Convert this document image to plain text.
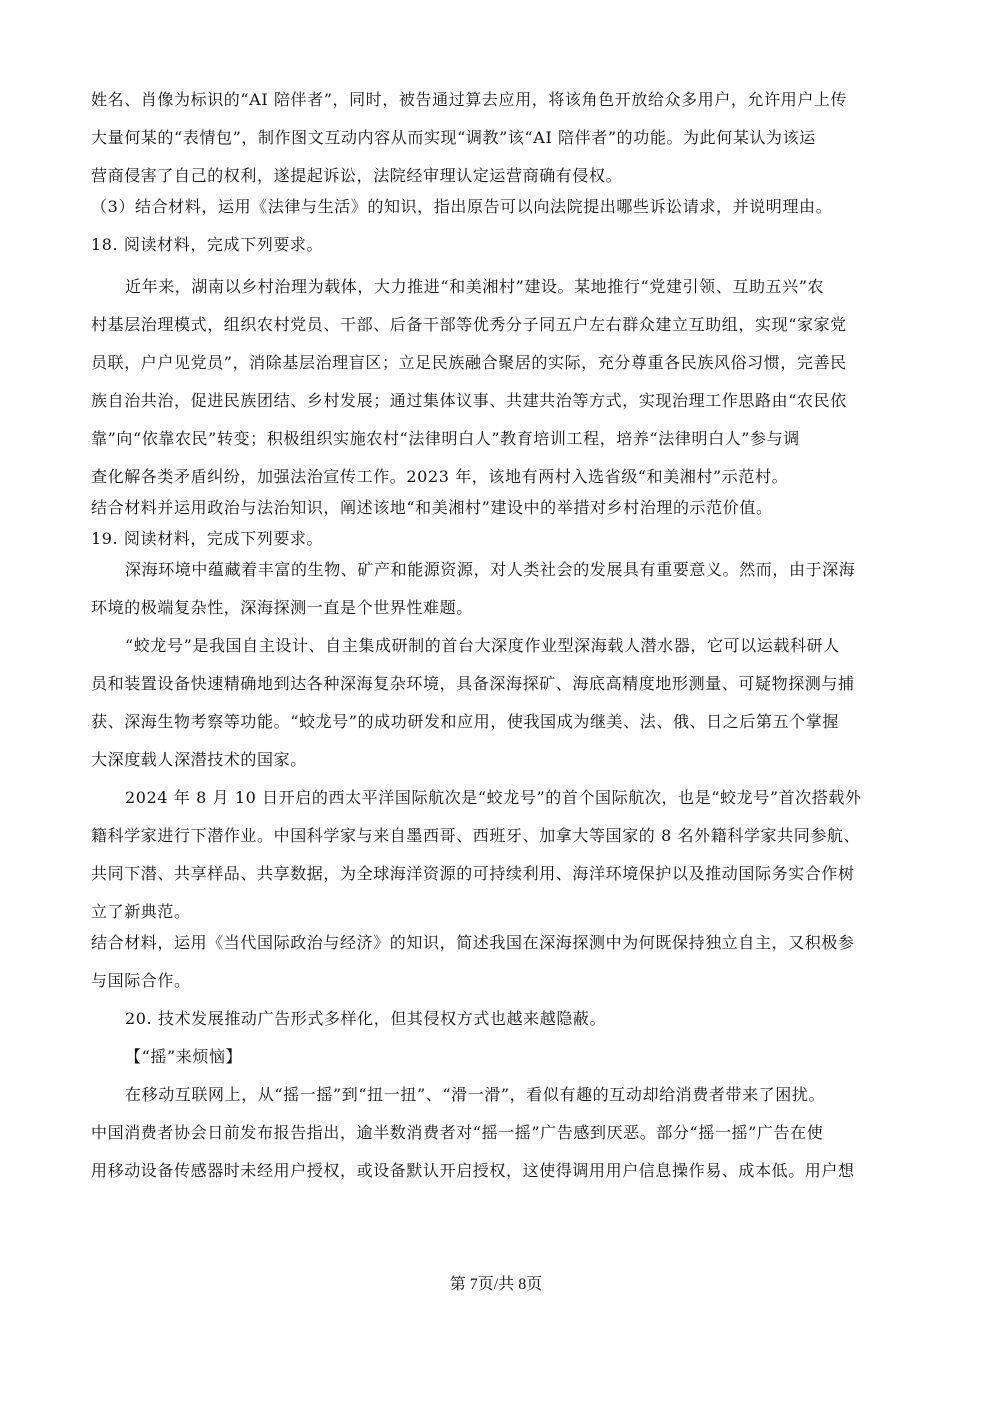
姓名、肖像为标识的“AI 陪伴者”，同时，被告通过算去应用，将该角色开放给众多用户，允许用户上传
大量何某的“表情包”，制作图文互动内容从而实现“调教”该“AI 陪伴者”的功能。为此何某认为该运
营商侵害了自己的权利，遂提起诉讼，法院经审理认定运营商确有侵权。
（3）结合材料，运用《法律与生活》的知识，指出原告可以向法院提出哪些诉讼请求，并说明理由。
18. 阅读材料，完成下列要求。
近年来，湖南以乡村治理为载体，大力推进“和美湘村”建设。某地推行“党建引领、互助五兴”农
村基层治理模式，组织农村党员、干部、后备干部等优秀分子同五户左右群众建立互助组，实现“家家党
员联，户户见党员”，消除基层治理盲区；立足民族融合聚居的实际，充分尊重各民族风俗习惯，完善民
族自治共治，促进民族团结、乡村发展；通过集体议事、共建共治等方式，实现治理工作思路由“农民依
靠”向“依靠农民”转变；积极组织实施农村“法律明白人”教育培训工程，培养“法律明白人”参与调
查化解各类矛盾纠纷，加强法治宣传工作。2023 年，该地有两村入选省级“和美湘村”示范村。
结合材料并运用政治与法治知识，阐述该地“和美湘村”建设中的举措对乡村治理的示范价值。
19. 阅读材料，完成下列要求。
深海环境中蕴藏着丰富的生物、矿产和能源资源，对人类社会的发展具有重要意义。然而，由于深海
环境的极端复杂性，深海探测一直是个世界性难题。
“蛟龙号”是我国自主设计、自主集成研制的首台大深度作业型深海载人潜水器，它可以运载科研人
员和装置设备快速精确地到达各种深海复杂环境，具备深海探矿、海底高精度地形测量、可疑物探测与捕
获、深海生物考察等功能。“蛟龙号”的成功研发和应用，使我国成为继美、法、俄、日之后第五个掌握
大深度载人深潜技术的国家。
2024 年 8 月 10 日开启的西太平洋国际航次是“蛟龙号”的首个国际航次，也是“蛟龙号”首次搭载外
籍科学家进行下潜作业。中国科学家与来自墨西哥、西班牙、加拿大等国家的 8 名外籍科学家共同参航、
共同下潜、共享样品、共享数据，为全球海洋资源的可持续利用、海洋环境保护以及推动国际务实合作树
立了新典范。
结合材料，运用《当代国际政治与经济》的知识，简述我国在深海探测中为何既保持独立自主，又积极参
与国际合作。
20. 技术发展推动广告形式多样化，但其侵权方式也越来越隐蔽。
【“摇”来烦恼】
在移动互联网上，从“摇一摇”到“扭一扭”、“滑一滑”，看似有趣的互动却给消费者带来了困扰。
中国消费者协会日前发布报告指出，逾半数消费者对“摇一摇”广告感到厌恶。部分“摇一摇”广告在使
用移动设备传感器时未经用户授权，或设备默认开启授权，这使得调用用户信息操作易、成本低。用户想
第 7页/共 8页
